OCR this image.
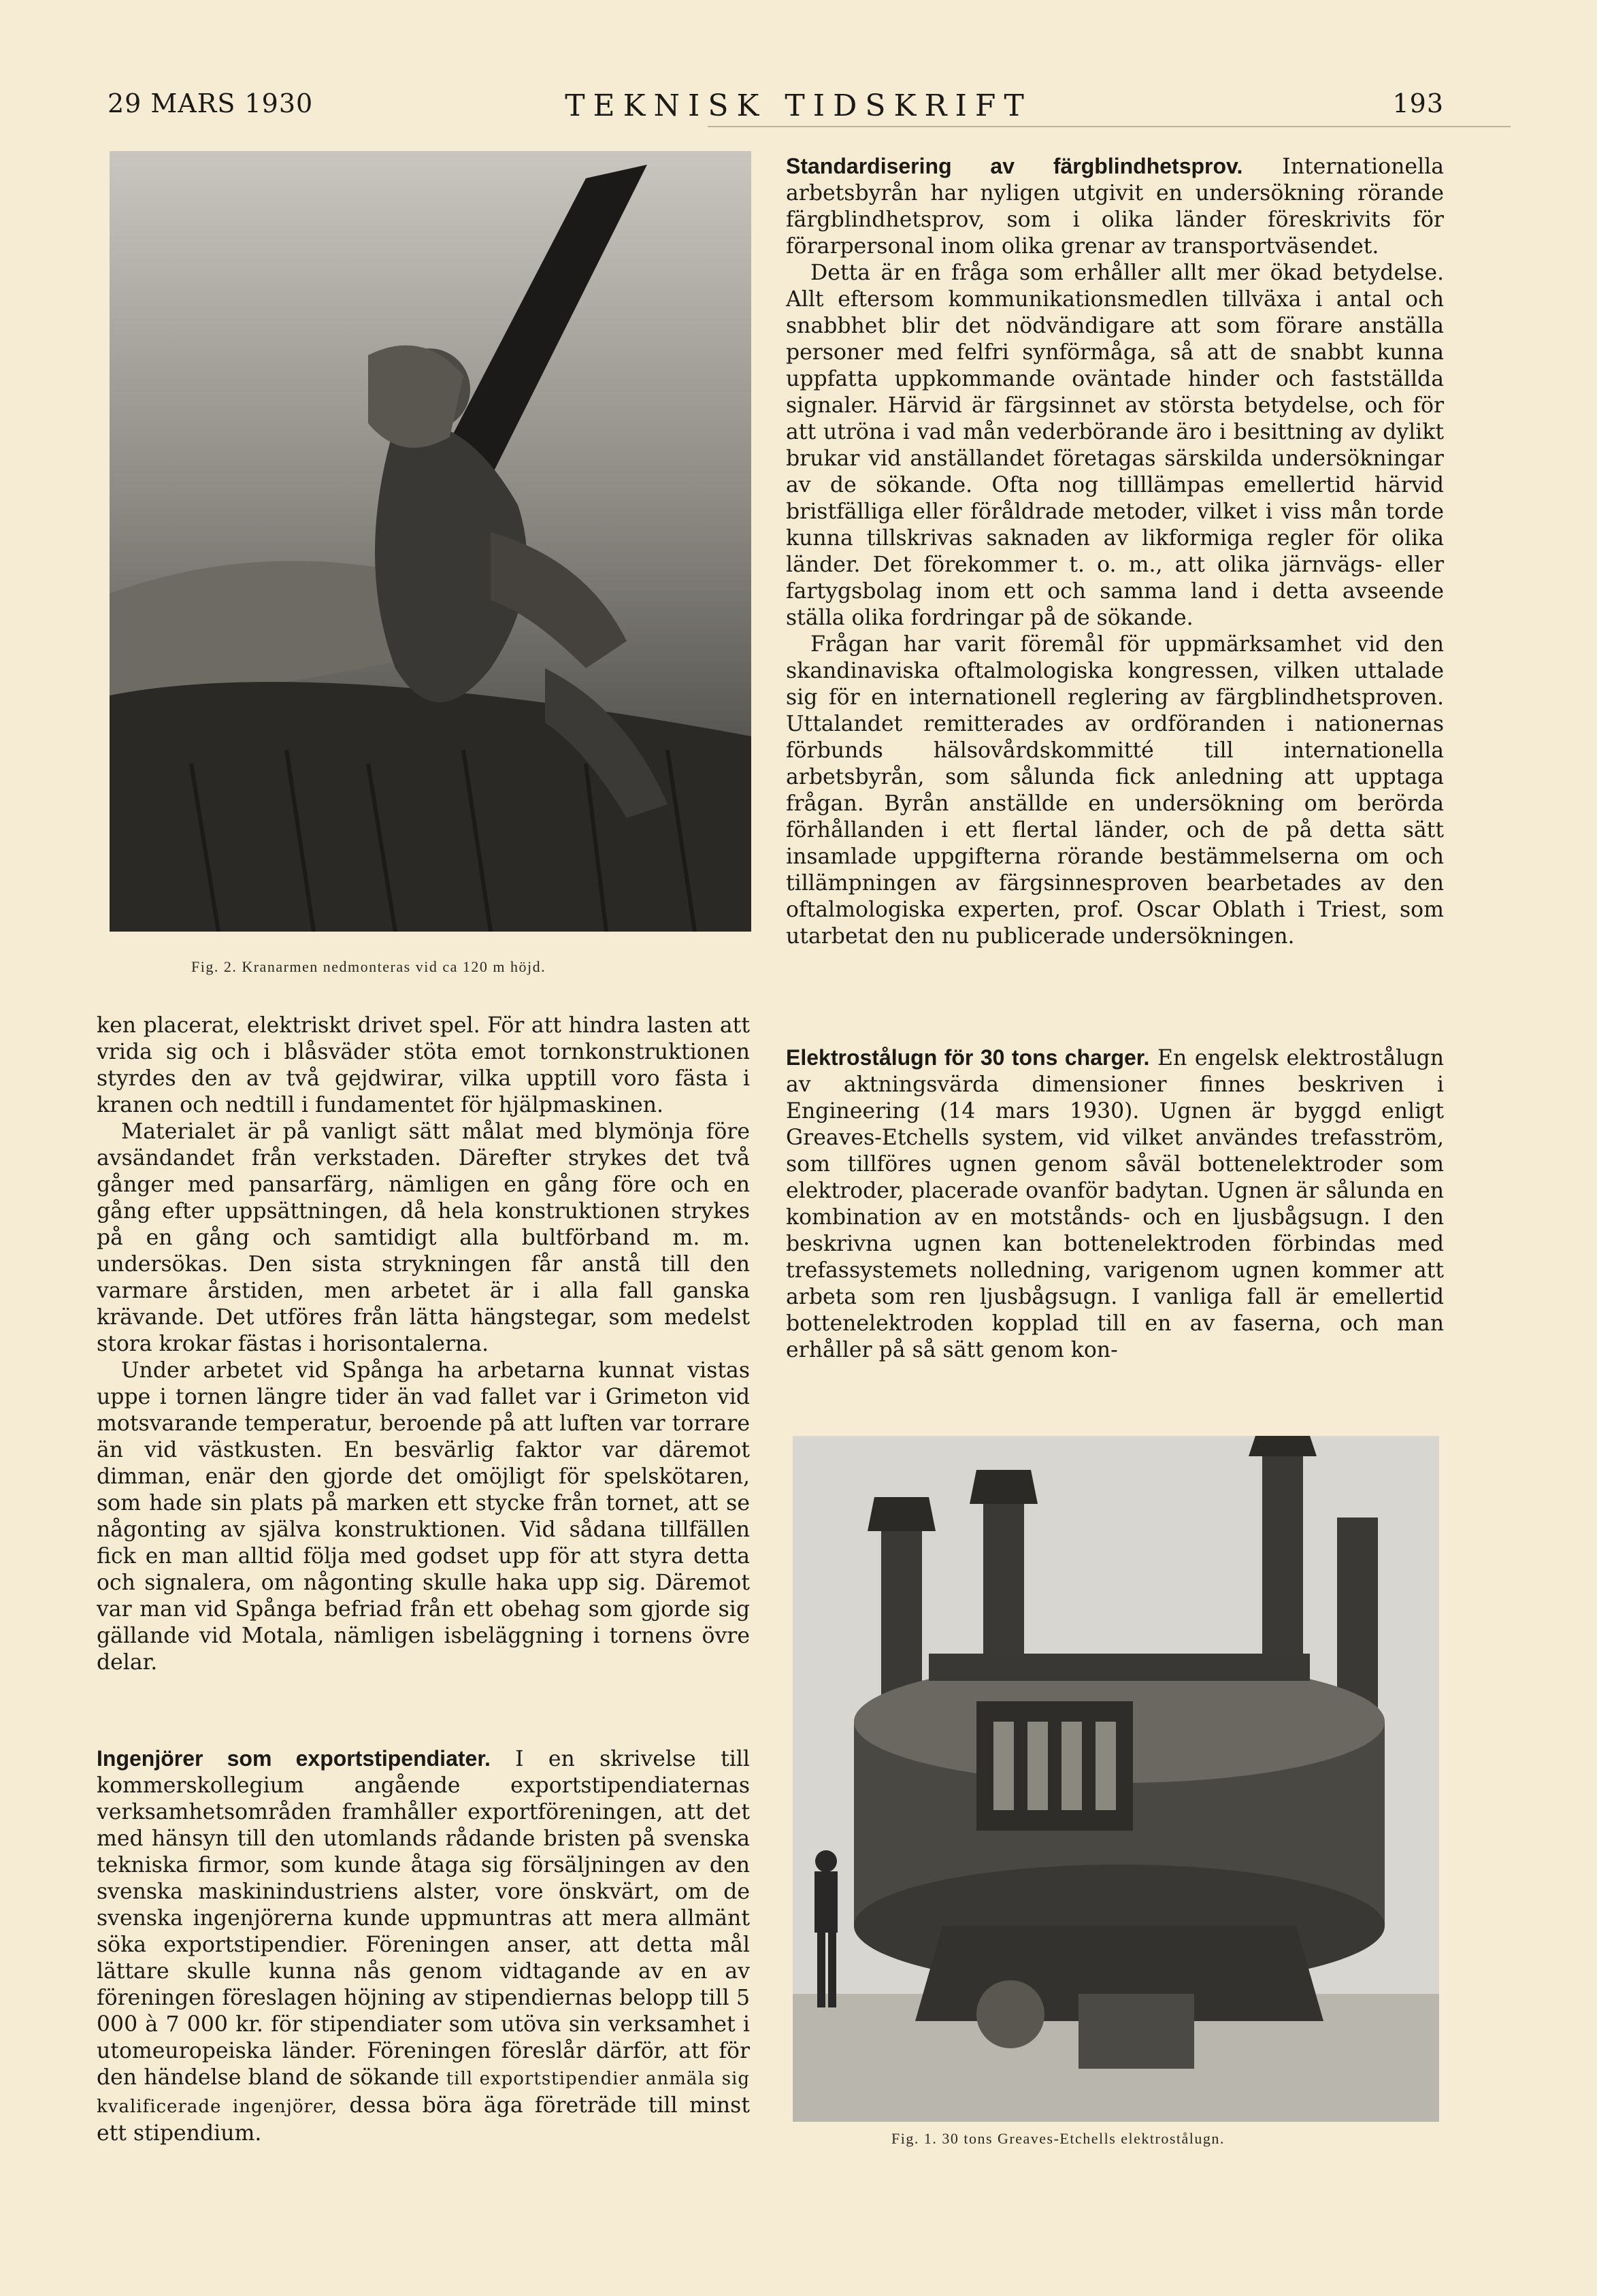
29 MARS 1930	TEKNISK TIDSKRIFT	193
Fig. 2. Kranarmen nedmonteras vid ca 120 m höjd.
Fig. 1. 30 tons Greaves-Etchells elektrostålugn.

ken placerat, elektriskt drivet spel. För att hindra lasten att vrida sig och i blåsväder stöta emot tornkonstruktionen styrdes den av två gejdwirar, vilka upptill voro fästa i kranen och nedtill i fundamentet för hjälpmaskinen.

Materialet är på vanligt sätt målat med blymönja före avsändandet från verkstaden. Därefter strykes det två gånger med pansarfärg, nämligen en gång före och en gång efter uppsättningen, då hela konstruktionen strykes på en gång och samtidigt alla bultförband m. m. undersökas. Den sista strykningen får anstå till den varmare årstiden, men arbetet är i alla fall ganska krävande. Det utföres från lätta hängstegar, som medelst stora krokar fästas i horisontalerna.

Under arbetet vid Spånga ha arbetarna kunnat vistas uppe i tornen längre tider än vad fallet var i Grimeton vid motsvarande temperatur, beroende på att luften var torrare än vid västkusten. En besvärlig faktor var däremot dimman, enär den gjorde det omöjligt för spelskötaren, som hade sin plats på marken ett stycke från tornet, att se någonting av själva konstruktionen. Vid sådana tillfällen fick en man alltid följa med godset upp för att styra detta och signalera, om någonting skulle haka upp sig. Däremot var man vid Spånga befriad från ett obehag som gjorde sig gällande vid Motala, nämligen isbeläggning i tornens övre delar.

Ingenjörer som exportstipendiater. I en skrivelse till kommerskollegium angående exportstipendiaternas verksamhetsområden framhåller exportföreningen, att det med hänsyn till den utomlands rådande bristen på svenska tekniska firmor, som kunde åtaga sig försäljningen av den svenska maskinindustriens alster, vore önskvärt, om de svenska ingenjörerna kunde uppmuntras att mera allmänt söka exportstipendier. Föreningen anser, att detta mål lättare skulle kunna nås genom vidtagande av en av föreningen föreslagen höjning av stipendiernas belopp till 5 000 à 7 000 kr. för stipendiater som utöva sin verksamhet i utomeuropeiska länder. Föreningen föreslår därför, att för den händelse bland de sökande till exportstipendier anmäla sig kvalificerade ingenjörer, dessa böra äga företräde till minst ett stipendium.

Standardisering av färgblindhetsprov. Internationella arbetsbyrån har nyligen utgivit en undersökning rörande färgblindhetsprov, som i olika länder föreskrivits för förarpersonal inom olika grenar av transportväsendet.

Detta är en fråga som erhåller allt mer ökad betydelse. Allt eftersom kommunikationsmedlen tillväxa i antal och snabbhet blir det nödvändigare att som förare anställa personer med felfri synförmåga, så att de snabbt kunna uppfatta uppkommande oväntade hinder och fastställda signaler. Härvid är färgsinnet av största betydelse, och för att utröna i vad mån vederbörande äro i besittning av dylikt brukar vid anställandet företagas särskilda undersökningar av de sökande. Ofta nog tilllämpas emellertid härvid bristfälliga eller föråldrade metoder, vilket i viss mån torde kunna tillskrivas saknaden av likformiga regler för olika länder. Det förekommer t. o. m., att olika järnvägs- eller fartygsbolag inom ett och samma land i detta avseende ställa olika fordringar på de sökande.

Frågan har varit föremål för uppmärksamhet vid den skandinaviska oftalmologiska kongressen, vilken uttalade sig för en internationell reglering av färgblindhetsproven. Uttalandet remitterades av ordföranden i nationernas förbunds hälsovårdskommitté till internationella arbetsbyrån, som sålunda fick anledning att upptaga frågan. Byrån anställde en undersökning om berörda förhållanden i ett flertal länder, och de på detta sätt insamlade uppgifterna rörande bestämmelserna om och tillämpningen av färgsinnesproven bearbetades av den oftalmologiska experten, prof. Oscar Oblath i Triest, som utarbetat den nu publicerade undersökningen.

Elektrostålugn för 30 tons charger. En engelsk elektrostålugn av aktningsvärda dimensioner finnes beskriven i Engineering (14 mars 1930). Ugnen är byggd enligt Greaves-Etchells system, vid vilket användes trefasström, som tillföres ugnen genom såväl bottenelektroder som elektroder, placerade ovanför badytan. Ugnen är sålunda en kombination av en motstånds- och en ljusbågsugn. I den beskrivna ugnen kan bottenelektroden förbindas med trefassystemets nolledning, varigenom ugnen kommer att arbeta som ren ljusbågsugn. I vanliga fall är emellertid bottenelektroden kopplad till en av faserna, och man erhåller på så sätt genom kon-
